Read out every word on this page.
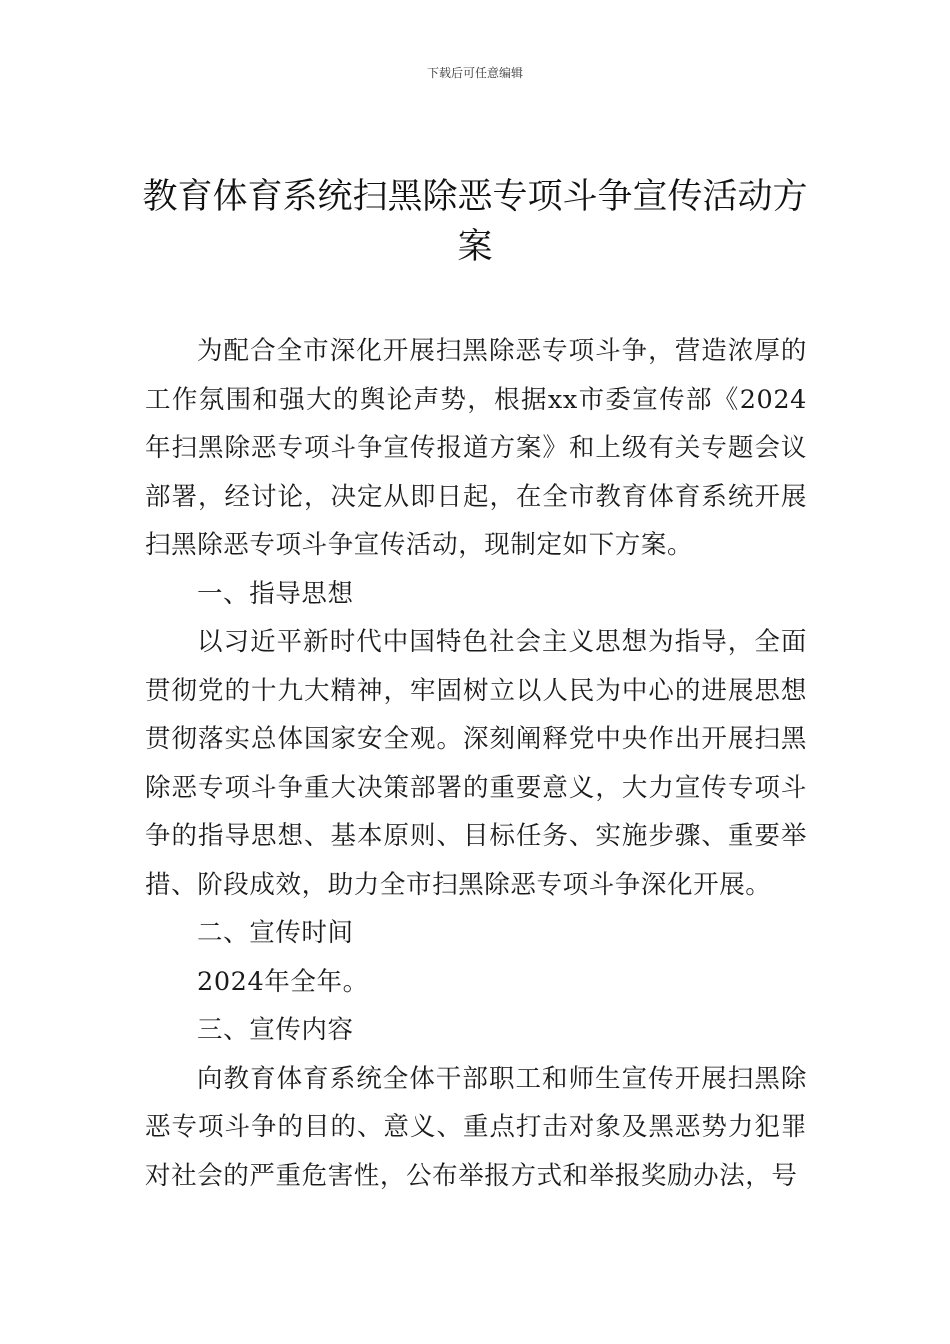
下载后可任意编辑
教育体育系统扫黑除恶专项斗争宣传活动方案

为配合全市深化开展扫黑除恶专项斗争，营造浓厚的工作氛围和强大的舆论声势，根据xx市委宣传部《2024年扫黑除恶专项斗争宣传报道方案》和上级有关专题会议部署，经讨论，决定从即日起，在全市教育体育系统开展扫黑除恶专项斗争宣传活动，现制定如下方案。

一、指导思想

以习近平新时代中国特色社会主义思想为指导，全面贯彻党的十九大精神，牢固树立以人民为中心的进展思想贯彻落实总体国家安全观。深刻阐释党中央作出开展扫黑除恶专项斗争重大决策部署的重要意义，大力宣传专项斗争的指导思想、基本原则、目标任务、实施步骤、重要举措、阶段成效，助力全市扫黑除恶专项斗争深化开展。

二、宣传时间

2024年全年。

三、宣传内容

向教育体育系统全体干部职工和师生宣传开展扫黑除恶专项斗争的目的、意义、重点打击对象及黑恶势力犯罪对社会的严重危害性，公布举报方式和举报奖励办法，号
